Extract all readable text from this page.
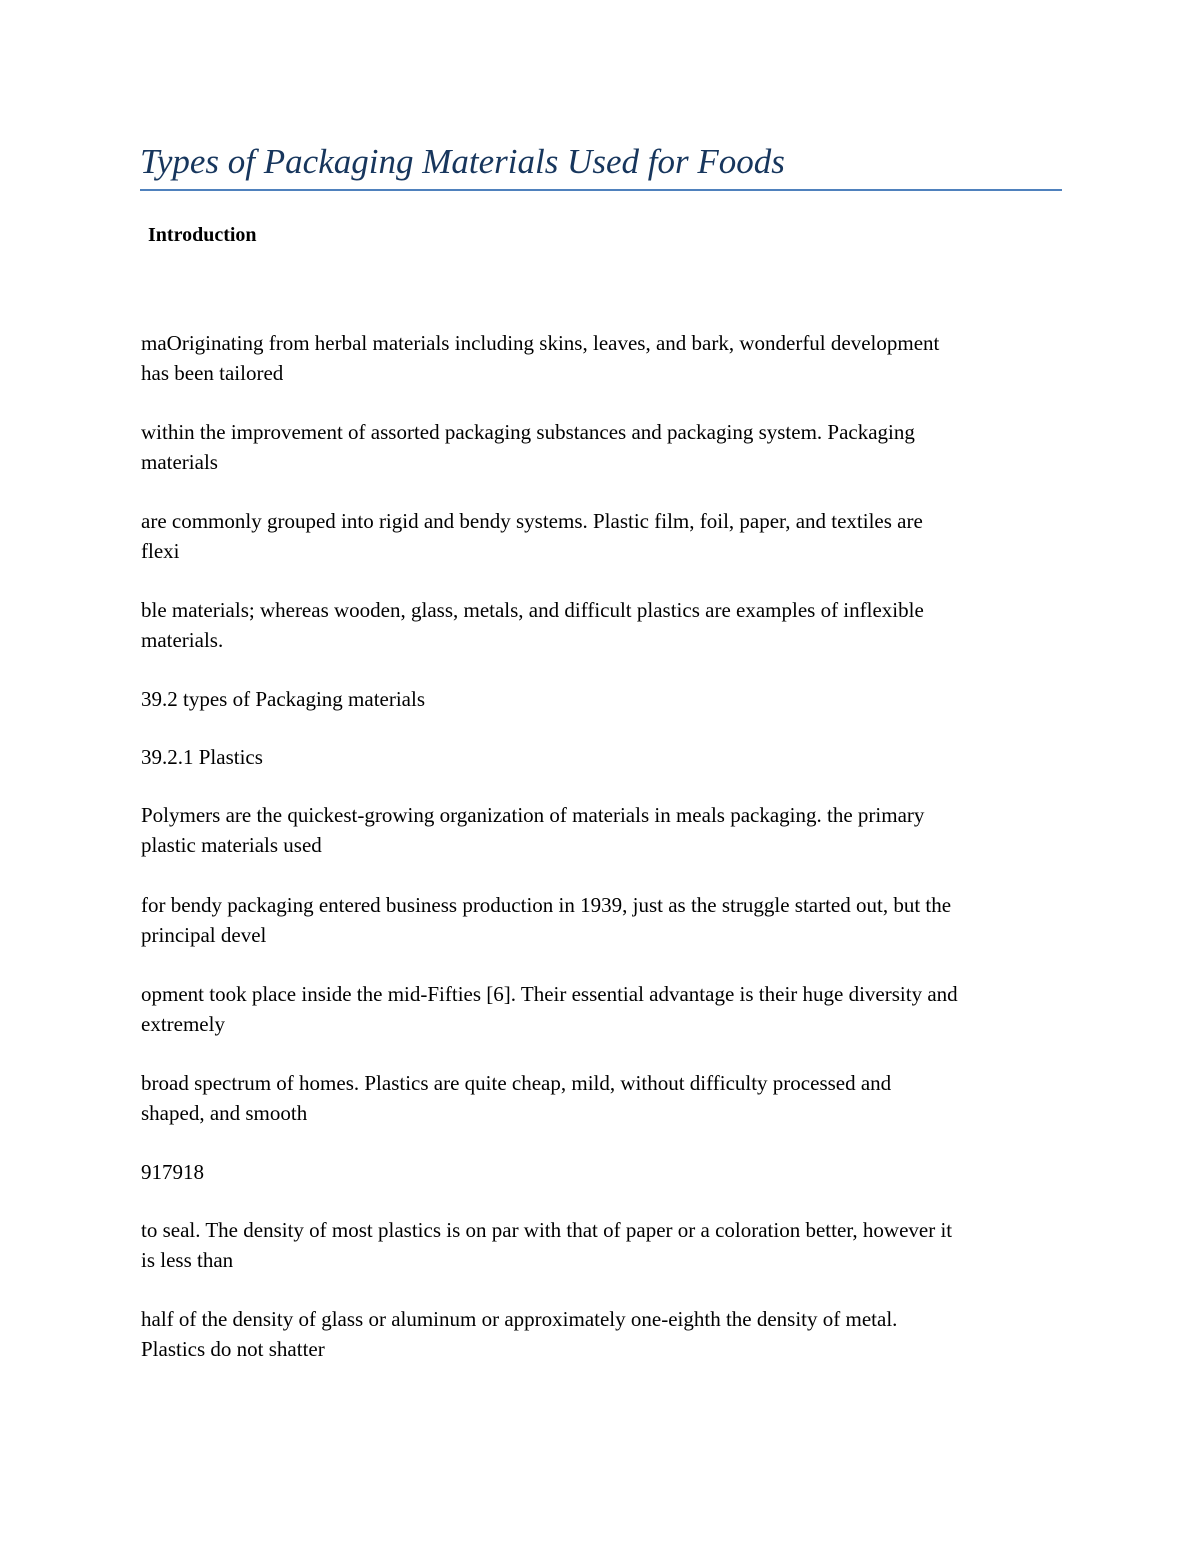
Types of Packaging Materials Used for Foods
Introduction

maOriginating from herbal materials including skins, leaves, and bark, wonderful development
has been tailored

within the improvement of assorted packaging substances and packaging system. Packaging
materials

are commonly grouped into rigid and bendy systems. Plastic film, foil, paper, and textiles are
flexi

ble materials; whereas wooden, glass, metals, and difficult plastics are examples of inflexible
materials.

39.2 types of Packaging materials

39.2.1 Plastics

Polymers are the quickest-growing organization of materials in meals packaging. the primary
plastic materials used

for bendy packaging entered business production in 1939, just as the struggle started out, but the
principal devel

opment took place inside the mid-Fifties [6]. Their essential advantage is their huge diversity and
extremely

broad spectrum of homes. Plastics are quite cheap, mild, without difficulty processed and
shaped, and smooth

917918

to seal. The density of most plastics is on par with that of paper or a coloration better, however it
is less than

half of the density of glass or aluminum or approximately one-eighth the density of metal.
Plastics do not shatter
